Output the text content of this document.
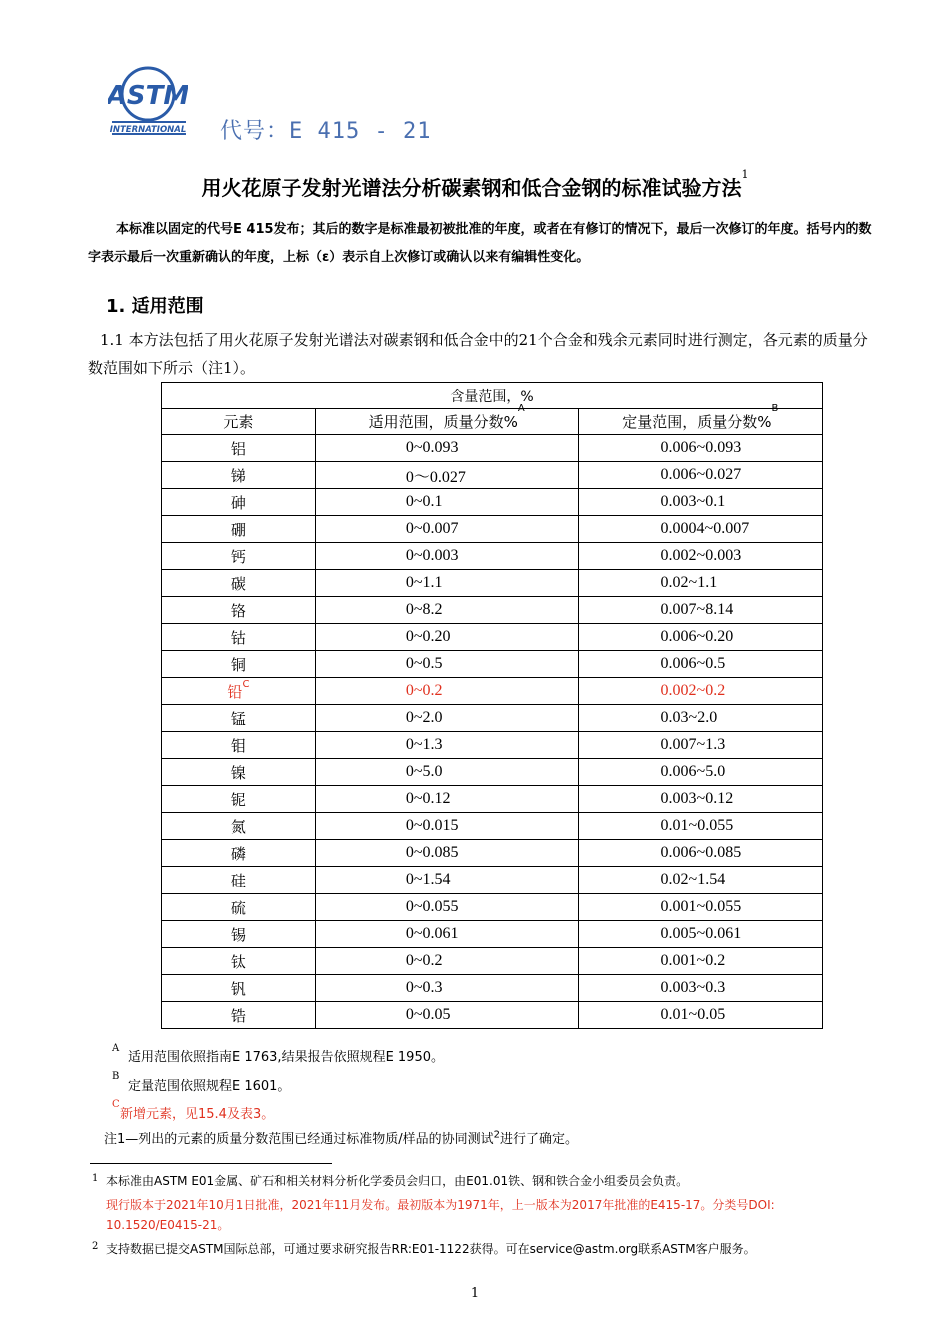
INTERNATIONAL
ASTM
代号：E 415 - 21
用火花原子发射光谱法分析碳素钢和低合金钢的标准试验方法$^1$
本标准以固定的代号E 415发布；其后的数字是标准最初被批准的年度，或者在有修订的情况下，最后一次修订的年度。括号内的数字表示最后一次重新确认的年度，上标（ε）表示自上次修订或确认以来有编辑性变化。
1. 适用范围
1.1 本方法包括了用火花原子发射光谱法对碳素钢和低合金中的21个合金和残余元素同时进行测定，各元素的质量分数范围如下所示（注1）。
含量范围，%		
元素	适用范围，质量分数%$^A$	定量范围，质量分数%$^B$
铝	0~0.093	0.006~0.093
锑	0～0.027	0.006~0.027
砷	0~0.1	0.003~0.1
硼	0~0.007	0.0004~0.007
钙	0~0.003	0.002~0.003
碳	0~1.1	0.02~1.1
铬	0~8.2	0.007~8.14
钴	0~0.20	0.006~0.20
铜	0~0.5	0.006~0.5
铅$^C$	0~0.2	0.002~0.2
锰	0~2.0	0.03~2.0
钼	0~1.3	0.007~1.3
镍	0~5.0	0.006~5.0
铌	0~0.12	0.003~0.12
氮	0~0.015	0.01~0.055
磷	0~0.085	0.006~0.085
硅	0~1.54	0.02~1.54
硫	0~0.055	0.001~0.055
锡	0~0.061	0.005~0.061
钛	0~0.2	0.001~0.2
钒	0~0.3	0.003~0.3
锆	0~0.05	0.01~0.05
A
适用范围依照指南E 1763,结果报告依照规程E 1950。
B
定量范围依照规程E 1601。
C
新增元素，见15.4及表3。
注1—列出的元素的质量分数范围已经通过标准物质/样品的协同测试$^2$进行了确定。
1 本标准由ASTM E01金属、矿石和相关材料分析化学委员会归口，由E01.01铁、钢和铁合金小组委员会负责。
现行版本于2021年10月1日批准，2021年11月发布。最初版本为1971年，上一版本为2017年批准的E415-17。分类号DOI:
10.1520/E0415-21。
2 支持数据已提交ASTM国际总部，可通过要求研究报告RR:E01-1122获得。可在service@astm.org联系ASTM客户服务。
1
